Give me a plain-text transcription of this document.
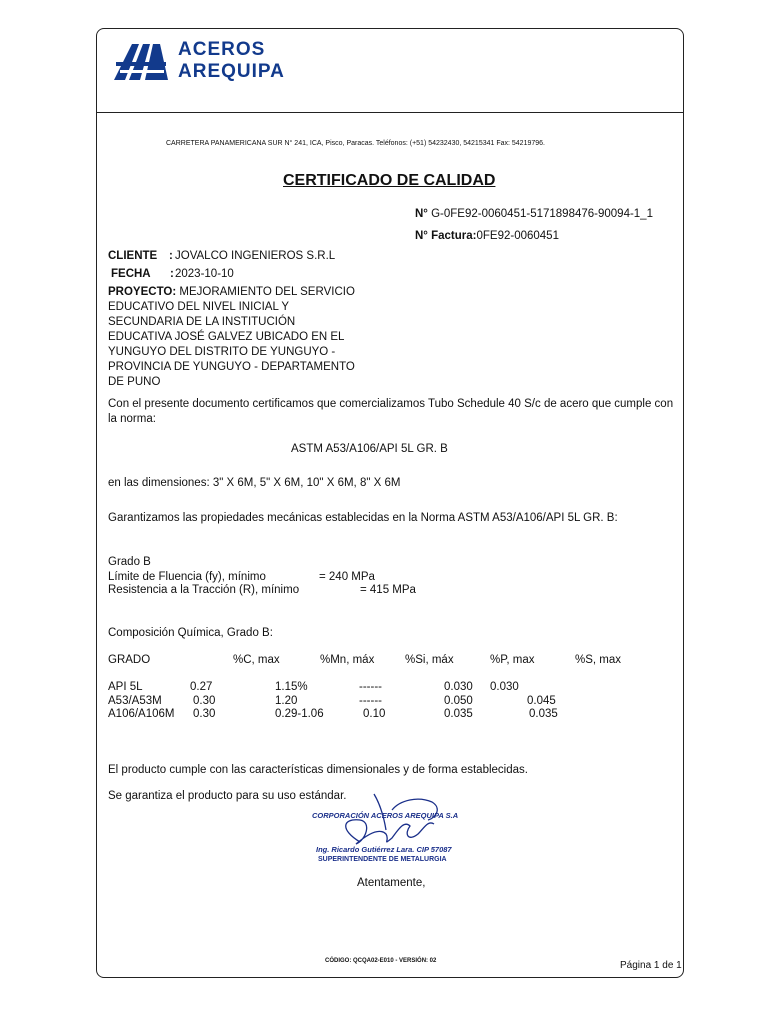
ACEROS
AREQUIPA
CARRETERA PANAMERICANA SUR N° 241, ICA, Pisco, Paracas. Teléfonos: (+51) 54232430, 54215341 Fax: 54219796.
CERTIFICADO DE CALIDAD
N° G-0FE92-0060451-5171898476-90094-1_1
N° Factura:0FE92-0060451
CLIENTE : JOVALCO INGENIEROS S.R.L
FECHA : 2023-10-10
PROYECTO: MEJORAMIENTO DEL SERVICIO EDUCATIVO DEL NIVEL INICIAL Y SECUNDARIA DE LA INSTITUCIÓN EDUCATIVA JOSÉ GALVEZ UBICADO EN EL YUNGUYO DEL DISTRITO DE YUNGUYO - PROVINCIA DE YUNGUYO - DEPARTAMENTO DE PUNO
Con el presente documento certificamos que comercializamos Tubo Schedule 40 S/c de acero que cumple con la norma:
ASTM A53/A106/API 5L GR. B
en las dimensiones: 3" X 6M, 5" X 6M, 10" X 6M, 8" X 6M
Garantizamos las propiedades mecánicas establecidas en la Norma ASTM A53/A106/API 5L GR. B:
Grado B
Límite de Fluencia (fy), mínimo	= 240 MPa
Resistencia a la Tracción (R), mínimo	= 415 MPa
Composición Química, Grado B:
GRADO	%C, max	%Mn, máx	%Si, máx	%P, max	%S, max
API 5L	0.27	1.15%	------	0.030 0.030
A53/A53M	0.30	1.20	------	0.050	0.045
A106/A106M 0.30	0.29-1.06	0.10	0.035	0.035
El producto cumple con las características dimensionales y de forma establecidas.
Se garantiza el producto para su uso estándar.
CORPORACIÓN ACEROS AREQUIPA S.A
Ing. Ricardo Gutiérrez Lara. CIP 57087
SUPERINTENDENTE DE METALURGIA
Atentamente,
CÓDIGO: QCQA02-E010 - VERSIÓN: 02	Página 1 de 1
